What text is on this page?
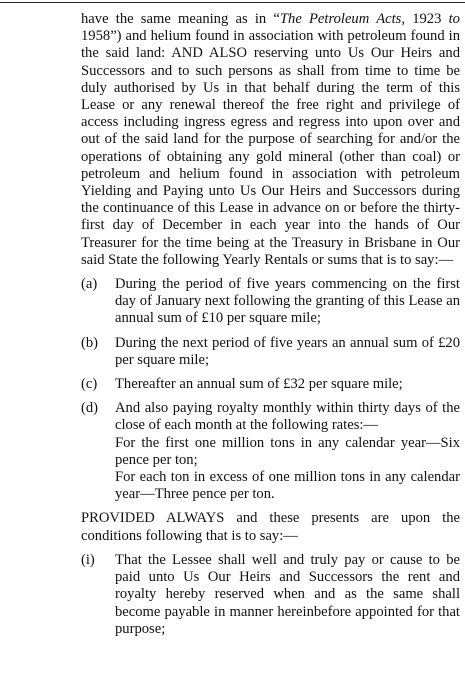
have the same meaning as in “The Petroleum Acts, 1923 to 1958”) and helium found in association with petroleum found in the said land: AND ALSO reserving unto Us Our Heirs and Successors and to such persons as shall from time to time be duly authorised by Us in that behalf during the term of this Lease or any renewal thereof the free right and privilege of access including ingress egress and regress into upon over and out of the said land for the purpose of searching for and/or the operations of obtaining any gold mineral (other than coal) or petroleum and helium found in association with petroleum Yielding and Paying unto Us Our Heirs and Successors during the continuance of this Lease in advance on or before the thirty-first day of December in each year into the hands of Our Treasurer for the time being at the Treasury in Brisbane in Our said State the following Yearly Rentals or sums that is to say:—

(a)	During the period of five years commencing on the first day of January next following the granting of this Lease an annual sum of £10 per square mile;

(b)	During the next period of five years an annual sum of £20 per square mile;

(c)	Thereafter an annual sum of £32 per square mile;

(d)	And also paying royalty monthly within thirty days of the close of each month at the following rates:—

For the first one million tons in any calendar year—Six pence per ton;

For each ton in excess of one million tons in any calendar year—Three pence per ton.

PROVIDED ALWAYS and these presents are upon the conditions following that is to say:—

(i)	That the Lessee shall well and truly pay or cause to be paid unto Us Our Heirs and Successors the rent and royalty hereby reserved when and as the same shall become payable in manner hereinbefore appointed for that purpose;
